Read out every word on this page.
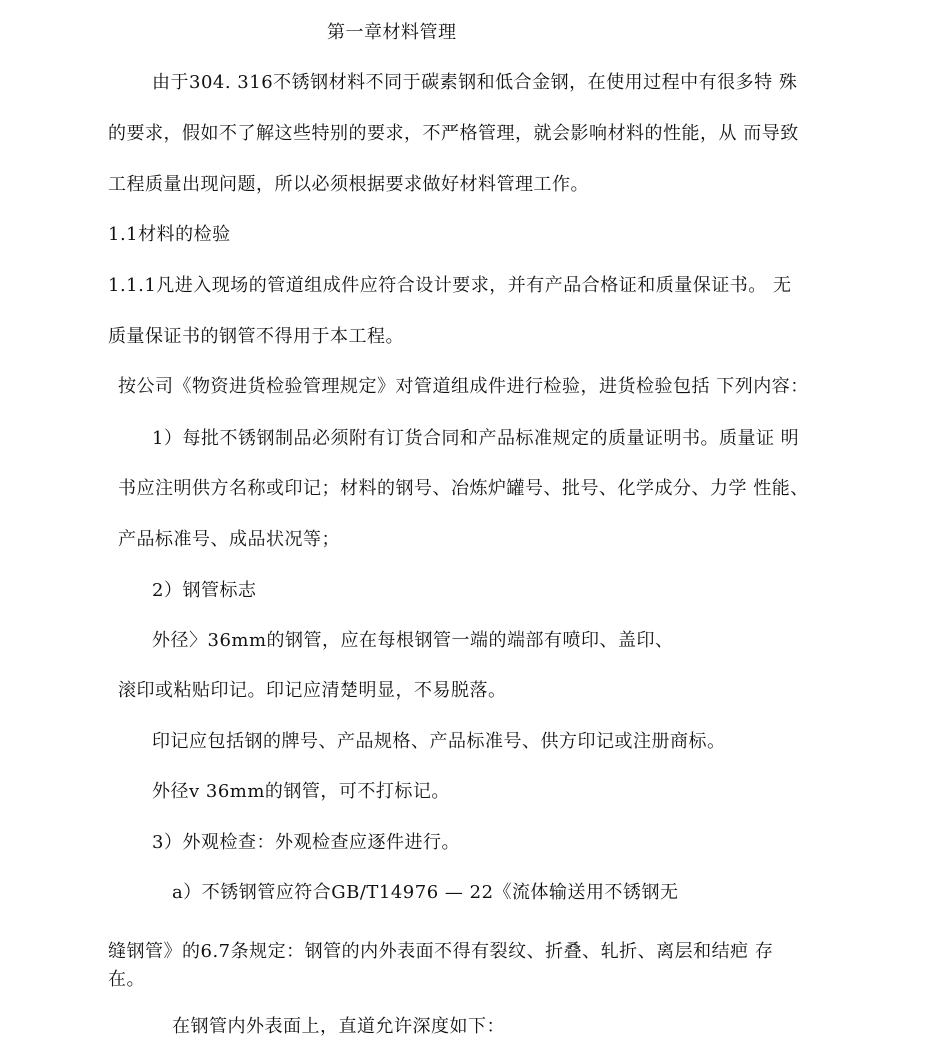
第一章材料管理
由于304. 316不锈钢材料不同于碳素钢和低合金钢，在使用过程中有很多特 殊
的要求，假如不了解这些特别的要求，不严格管理，就会影响材料的性能，从 而导致
工程质量出现问题，所以必须根据要求做好材料管理工作。
1.1材料的检验
1.1.1凡进入现场的管道组成件应符合设计要求，并有产品合格证和质量保证书。 无
质量保证书的钢管不得用于本工程。
按公司《物资进货检验管理规定》对管道组成件进行检验，进货检验包括 下列内容：
1）每批不锈钢制品必须附有订货合同和产品标准规定的质量证明书。质量证 明
书应注明供方名称或印记；材料的钢号、冶炼炉罐号、批号、化学成分、力学 性能、
产品标准号、成品状况等；
2）钢管标志
外径〉36mm的钢管，应在每根钢管一端的端部有喷印、盖印、
滚印或粘贴印记。印记应清楚明显，不易脱落。
印记应包括钢的牌号、产品规格、产品标准号、供方印记或注册商标。
外径v 36mm的钢管，可不打标记。
3）外观检查：外观检查应逐件进行。
a）不锈钢管应符合GB/T14976 — 22《流体输送用不锈钢无
缝钢管》的6.7条规定：钢管的内外表面不得有裂纹、折叠、轧折、离层和结疤 存
在。
在钢管内外表面上，直道允许深度如下：
